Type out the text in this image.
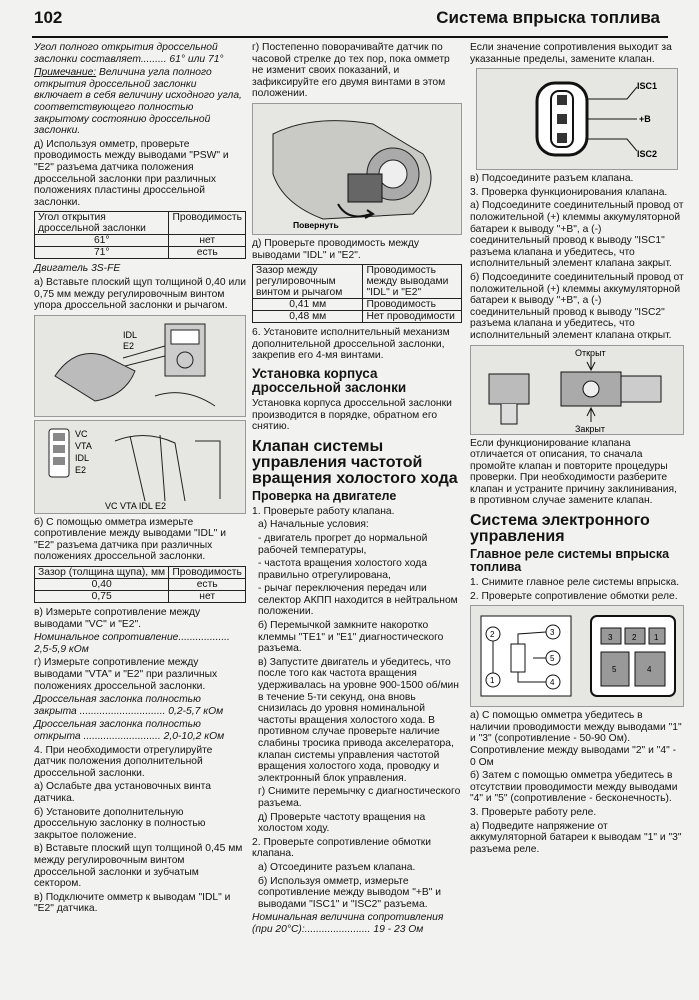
102	Система впрыска топлива

Угол полного открытия дроссельной заслонки составляет......... 61° или 71°

Примечание: Величина угла полного открытия дроссельной заслонки включает в себя величину исходного угла, соответствующего полностью закрытому состоянию дроссельной заслонки.

д) Используя омметр, проверьте проводимость между выводами "PSW" и "E2" разъема датчика положения дроссельной заслонки при различных положениях пластины дроссельной заслонки.

Угол открытия дроссельной заслонки	Проводимость
61°	нет
71°	есть

Двигатель 3S-FE

а) Вставьте плоский щуп толщиной 0,40 или 0,75 мм между регулировочным винтом упора дроссельной заслонки и рычагом.

IDL
E2
VC
VTA
IDL
E2
VC VTA IDL E2

б) С помощью омметра измерьте сопротивление между выводами "IDL" и "E2" разъема датчика при различных положениях дроссельной заслонки.

Зазор (толщина щупа), мм	Проводимость
0,40	есть
0,75	нет

в) Измерьте сопротивление между выводами "VC" и "E2".

Номинальное сопротивление.................. 2,5-5,9 кОм

г) Измерьте сопротивление между выводами "VTA" и "E2" при различных положениях дроссельной заслонки.

Дроссельная заслонка полностью закрыта .............................. 0,2-5,7 кОм

Дроссельная заслонка полностью открыта ........................... 2,0-10,2 кОм

4. При необходимости отрегулируйте датчик положения дополнительной дроссельной заслонки.

а) Ослабьте два установочных винта датчика.

б) Установите дополнительную дроссельную заслонку в полностью закрытое положение.

в) Вставьте плоский щуп толщиной 0,45 мм между регулировочным винтом дроссельной заслонки и зубчатым сектором.

в) Подключите омметр к выводам "IDL" и "E2" датчика.

г) Постепенно поворачивайте датчик по часовой стрелке до тех пор, пока омметр не изменит своих показаний, и зафиксируйте его двумя винтами в этом положении.

Повернуть

д) Проверьте проводимость между выводами "IDL" и "E2".

Зазор между регулировочным винтом и рычагом	Проводимость между выводами "IDL" и "E2"
0,41 мм	Проводимость
0,48 мм	Нет проводимости

6. Установите исполнительный механизм дополнительной дроссельной заслонки, закрепив его 4-мя винтами.

Установка корпуса дроссельной заслонки

Установка корпуса дроссельной заслонки производится в порядке, обратном его снятию.

Клапан системы управления частотой вращения холостого хода
Проверка на двигателе

1. Проверьте работу клапана.

а) Начальные условия:

- двигатель прогрет до нормальной рабочей температуры,

- частота вращения холостого хода правильно отрегулирована,

- рычаг переключения передач или селектор АКПП находится в нейтральном положении.

б) Перемычкой замкните накоротко клеммы "TE1" и "E1" диагностического разъема.

в) Запустите двигатель и убедитесь, что после того как частота вращения удерживалась на уровне 900-1500 об/мин в течение 5-ти секунд, она вновь снизилась до уровня номинальной частоты вращения холостого хода. В противном случае проверьте наличие слабины тросика привода акселератора, клапан системы управления частотой вращения холостого хода, проводку и электронный блок управления.

г) Снимите перемычку с диагностического разъема.

д) Проверьте частоту вращения на холостом ходу.

2. Проверьте сопротивление обмотки клапана.

а) Отсоедините разъем клапана.

б) Используя омметр, измерьте сопротивление между выводом "+B" и выводами "ISC1" и "ISC2" разъема.

Номинальная величина сопротивления (при 20°С):....................... 19 - 23 Ом

Если значение сопротивления выходит за указанные пределы, замените клапан.

ISC1
+B
ISC2

в) Подсоедините разъем клапана.

3. Проверка функционирования клапана.

а) Подсоедините соединительный провод от положительной (+) клеммы аккумуляторной батареи к выводу "+B", а (-) соединительный провод к выводу "ISC1" разъема клапана и убедитесь, что исполнительный элемент клапана закрыт.

б) Подсоедините соединительный провод от положительной (+) клеммы аккумуляторной батареи к выводу "+B", а (-) соединительный провод к выводу "ISC2" разъема клапана и убедитесь, что исполнительный элемент клапана открыт.

Открыт
Закрыт

Если функционирование клапана отличается от описания, то сначала промойте клапан и повторите процедуры проверки. При необходимости разберите клапан и устраните причину заклинивания, в противном случае замените клапан.

Система электронного управления
Главное реле системы впрыска топлива

1. Снимите главное реле системы впрыска.

2. Проверьте сопротивление обмотки реле.

2
1
3
5
4
3 2 1
5	4

а) С помощью омметра убедитесь в наличии проводимости между выводами "1" и "3" (сопротивление - 50-90 Ом). Сопротивление между выводами "2" и "4" - 0 Ом

б) Затем с помощью омметра убедитесь в отсутствии проводимости между выводами "4" и "5" (сопротивление - бесконечность).

3. Проверьте работу реле.

а) Подведите напряжение от аккумуляторной батареи к выводам "1" и "3" разъема реле.
